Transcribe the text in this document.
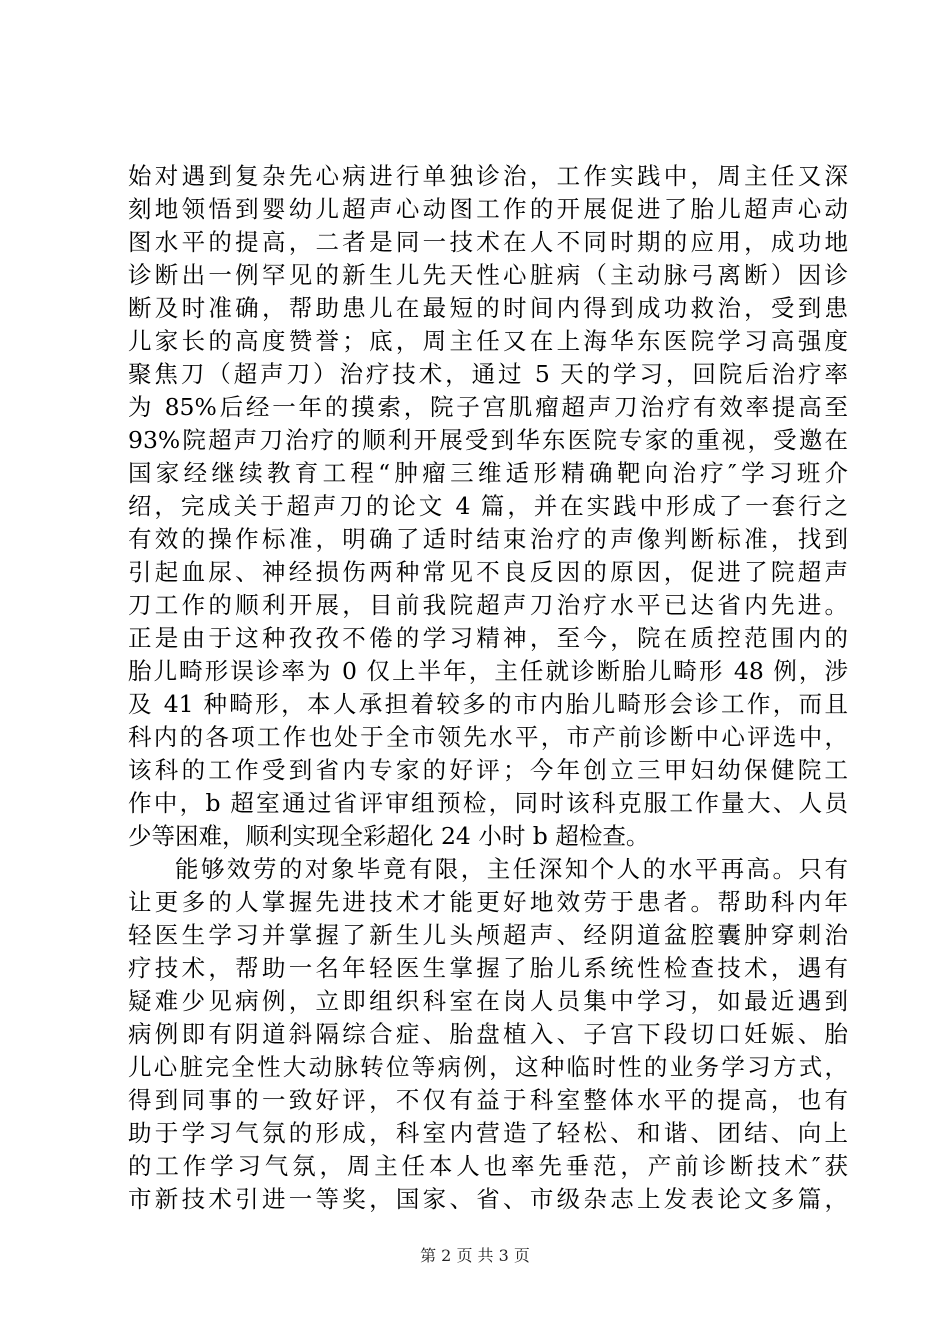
始对遇到复杂先心病进行单独诊治，工作实践中，周主任又深
刻地领悟到婴幼儿超声心动图工作的开展促进了胎儿超声心动
图水平的提高，二者是同一技术在人不同时期的应用，成功地
诊断出一例罕见的新生儿先天性心脏病（主动脉弓离断）因诊
断及时准确，帮助患儿在最短的时间内得到成功救治，受到患
儿家长的高度赞誉；底，周主任又在上海华东医院学习高强度
聚焦刀（超声刀）治疗技术，通过 5 天的学习，回院后治疗率
为 85%后经一年的摸索，院子宫肌瘤超声刀治疗有效率提高至
93%院超声刀治疗的顺利开展受到华东医院专家的重视，受邀在
国家经继续教育工程“肿瘤三维适形精确靶向治疗″学习班介
绍，完成关于超声刀的论文 4 篇，并在实践中形成了一套行之
有效的操作标准，明确了适时结束治疗的声像判断标准，找到
引起血尿、神经损伤两种常见不良反因的原因，促进了院超声
刀工作的顺利开展，目前我院超声刀治疗水平已达省内先进。
正是由于这种孜孜不倦的学习精神，至今，院在质控范围内的
胎儿畸形误诊率为 0 仅上半年，主任就诊断胎儿畸形 48 例，涉
及 41 种畸形，本人承担着较多的市内胎儿畸形会诊工作，而且
科内的各项工作也处于全市领先水平，市产前诊断中心评选中，
该科的工作受到省内专家的好评；今年创立三甲妇幼保健院工
作中，b 超室通过省评审组预检，同时该科克服工作量大、人员
少等困难，顺利实现全彩超化 24 小时 b 超检查。
能够效劳的对象毕竟有限，主任深知个人的水平再高。只有
让更多的人掌握先进技术才能更好地效劳于患者。帮助科内年
轻医生学习并掌握了新生儿头颅超声、经阴道盆腔囊肿穿刺治
疗技术，帮助一名年轻医生掌握了胎儿系统性检查技术，遇有
疑难少见病例，立即组织科室在岗人员集中学习，如最近遇到
病例即有阴道斜隔综合症、胎盘植入、子宫下段切口妊娠、胎
儿心脏完全性大动脉转位等病例，这种临时性的业务学习方式，
得到同事的一致好评，不仅有益于科室整体水平的提高，也有
助于学习气氛的形成，科室内营造了轻松、和谐、团结、向上
的工作学习气氛，周主任本人也率先垂范，产前诊断技术″获
市新技术引进一等奖，国家、省、市级杂志上发表论文多篇，
第 2 页 共 3 页
